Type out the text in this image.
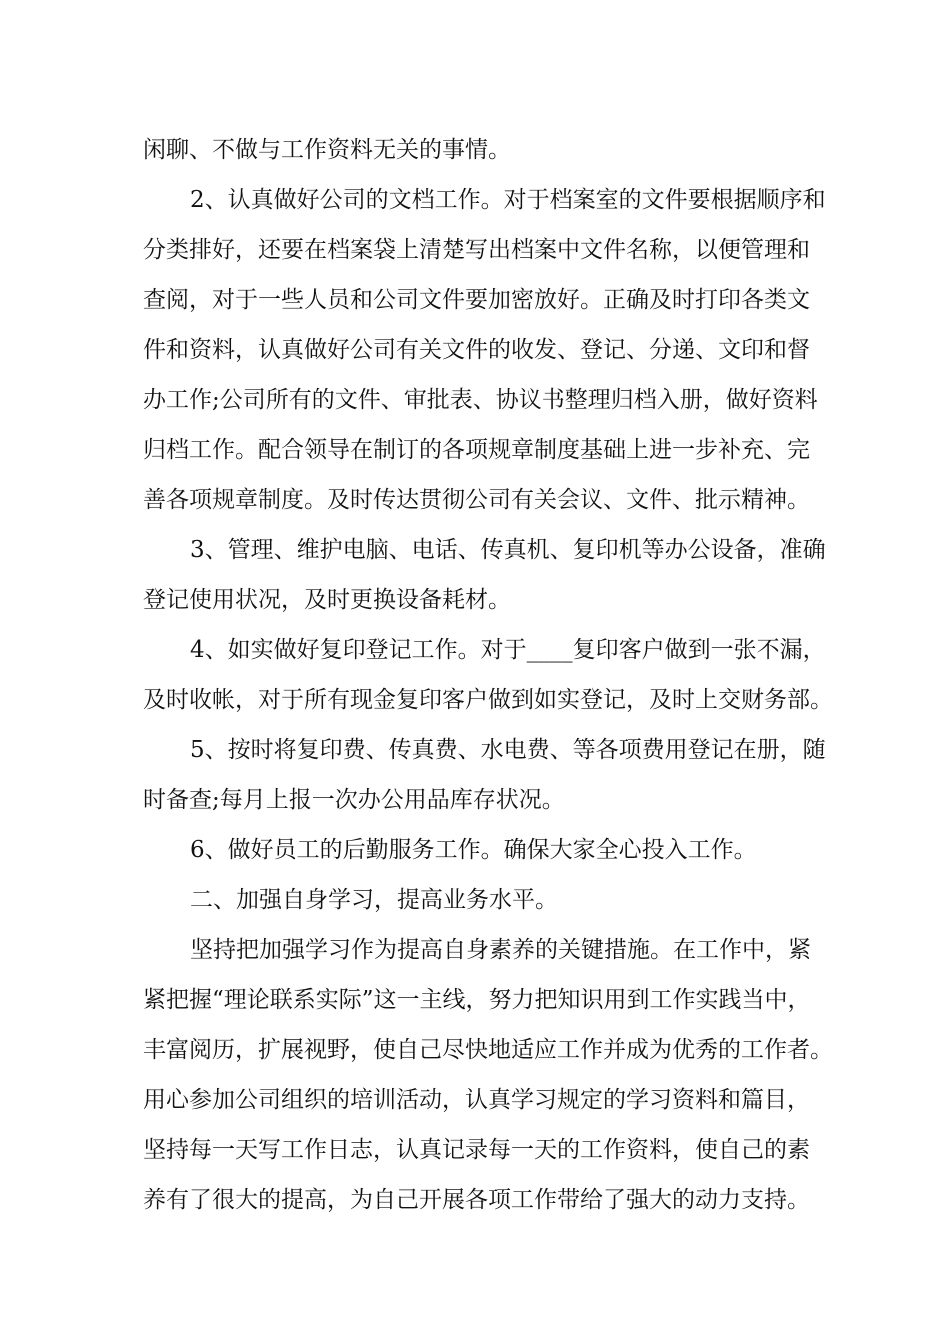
闲聊、不做与工作资料无关的事情。
2、认真做好公司的文档工作。对于档案室的文件要根据顺序和
分类排好，还要在档案袋上清楚写出档案中文件名称，以便管理和
查阅，对于一些人员和公司文件要加密放好。正确及时打印各类文
件和资料，认真做好公司有关文件的收发、登记、分递、文印和督
办工作;公司所有的文件、审批表、协议书整理归档入册，做好资料
归档工作。配合领导在制订的各项规章制度基础上进一步补充、完
善各项规章制度。及时传达贯彻公司有关会议、文件、批示精神。
3、管理、维护电脑、电话、传真机、复印机等办公设备，准确
登记使用状况，及时更换设备耗材。
4、如实做好复印登记工作。对于____复印客户做到一张不漏，
及时收帐，对于所有现金复印客户做到如实登记，及时上交财务部。
5、按时将复印费、传真费、水电费、等各项费用登记在册，随
时备查;每月上报一次办公用品库存状况。
6、做好员工的后勤服务工作。确保大家全心投入工作。
二、加强自身学习，提高业务水平。
坚持把加强学习作为提高自身素养的关键措施。在工作中，紧
紧把握“理论联系实际”这一主线，努力把知识用到工作实践当中，
丰富阅历，扩展视野，使自己尽快地适应工作并成为优秀的工作者。
用心参加公司组织的培训活动，认真学习规定的学习资料和篇目，
坚持每一天写工作日志，认真记录每一天的工作资料，使自己的素
养有了很大的提高，为自己开展各项工作带给了强大的动力支持。
